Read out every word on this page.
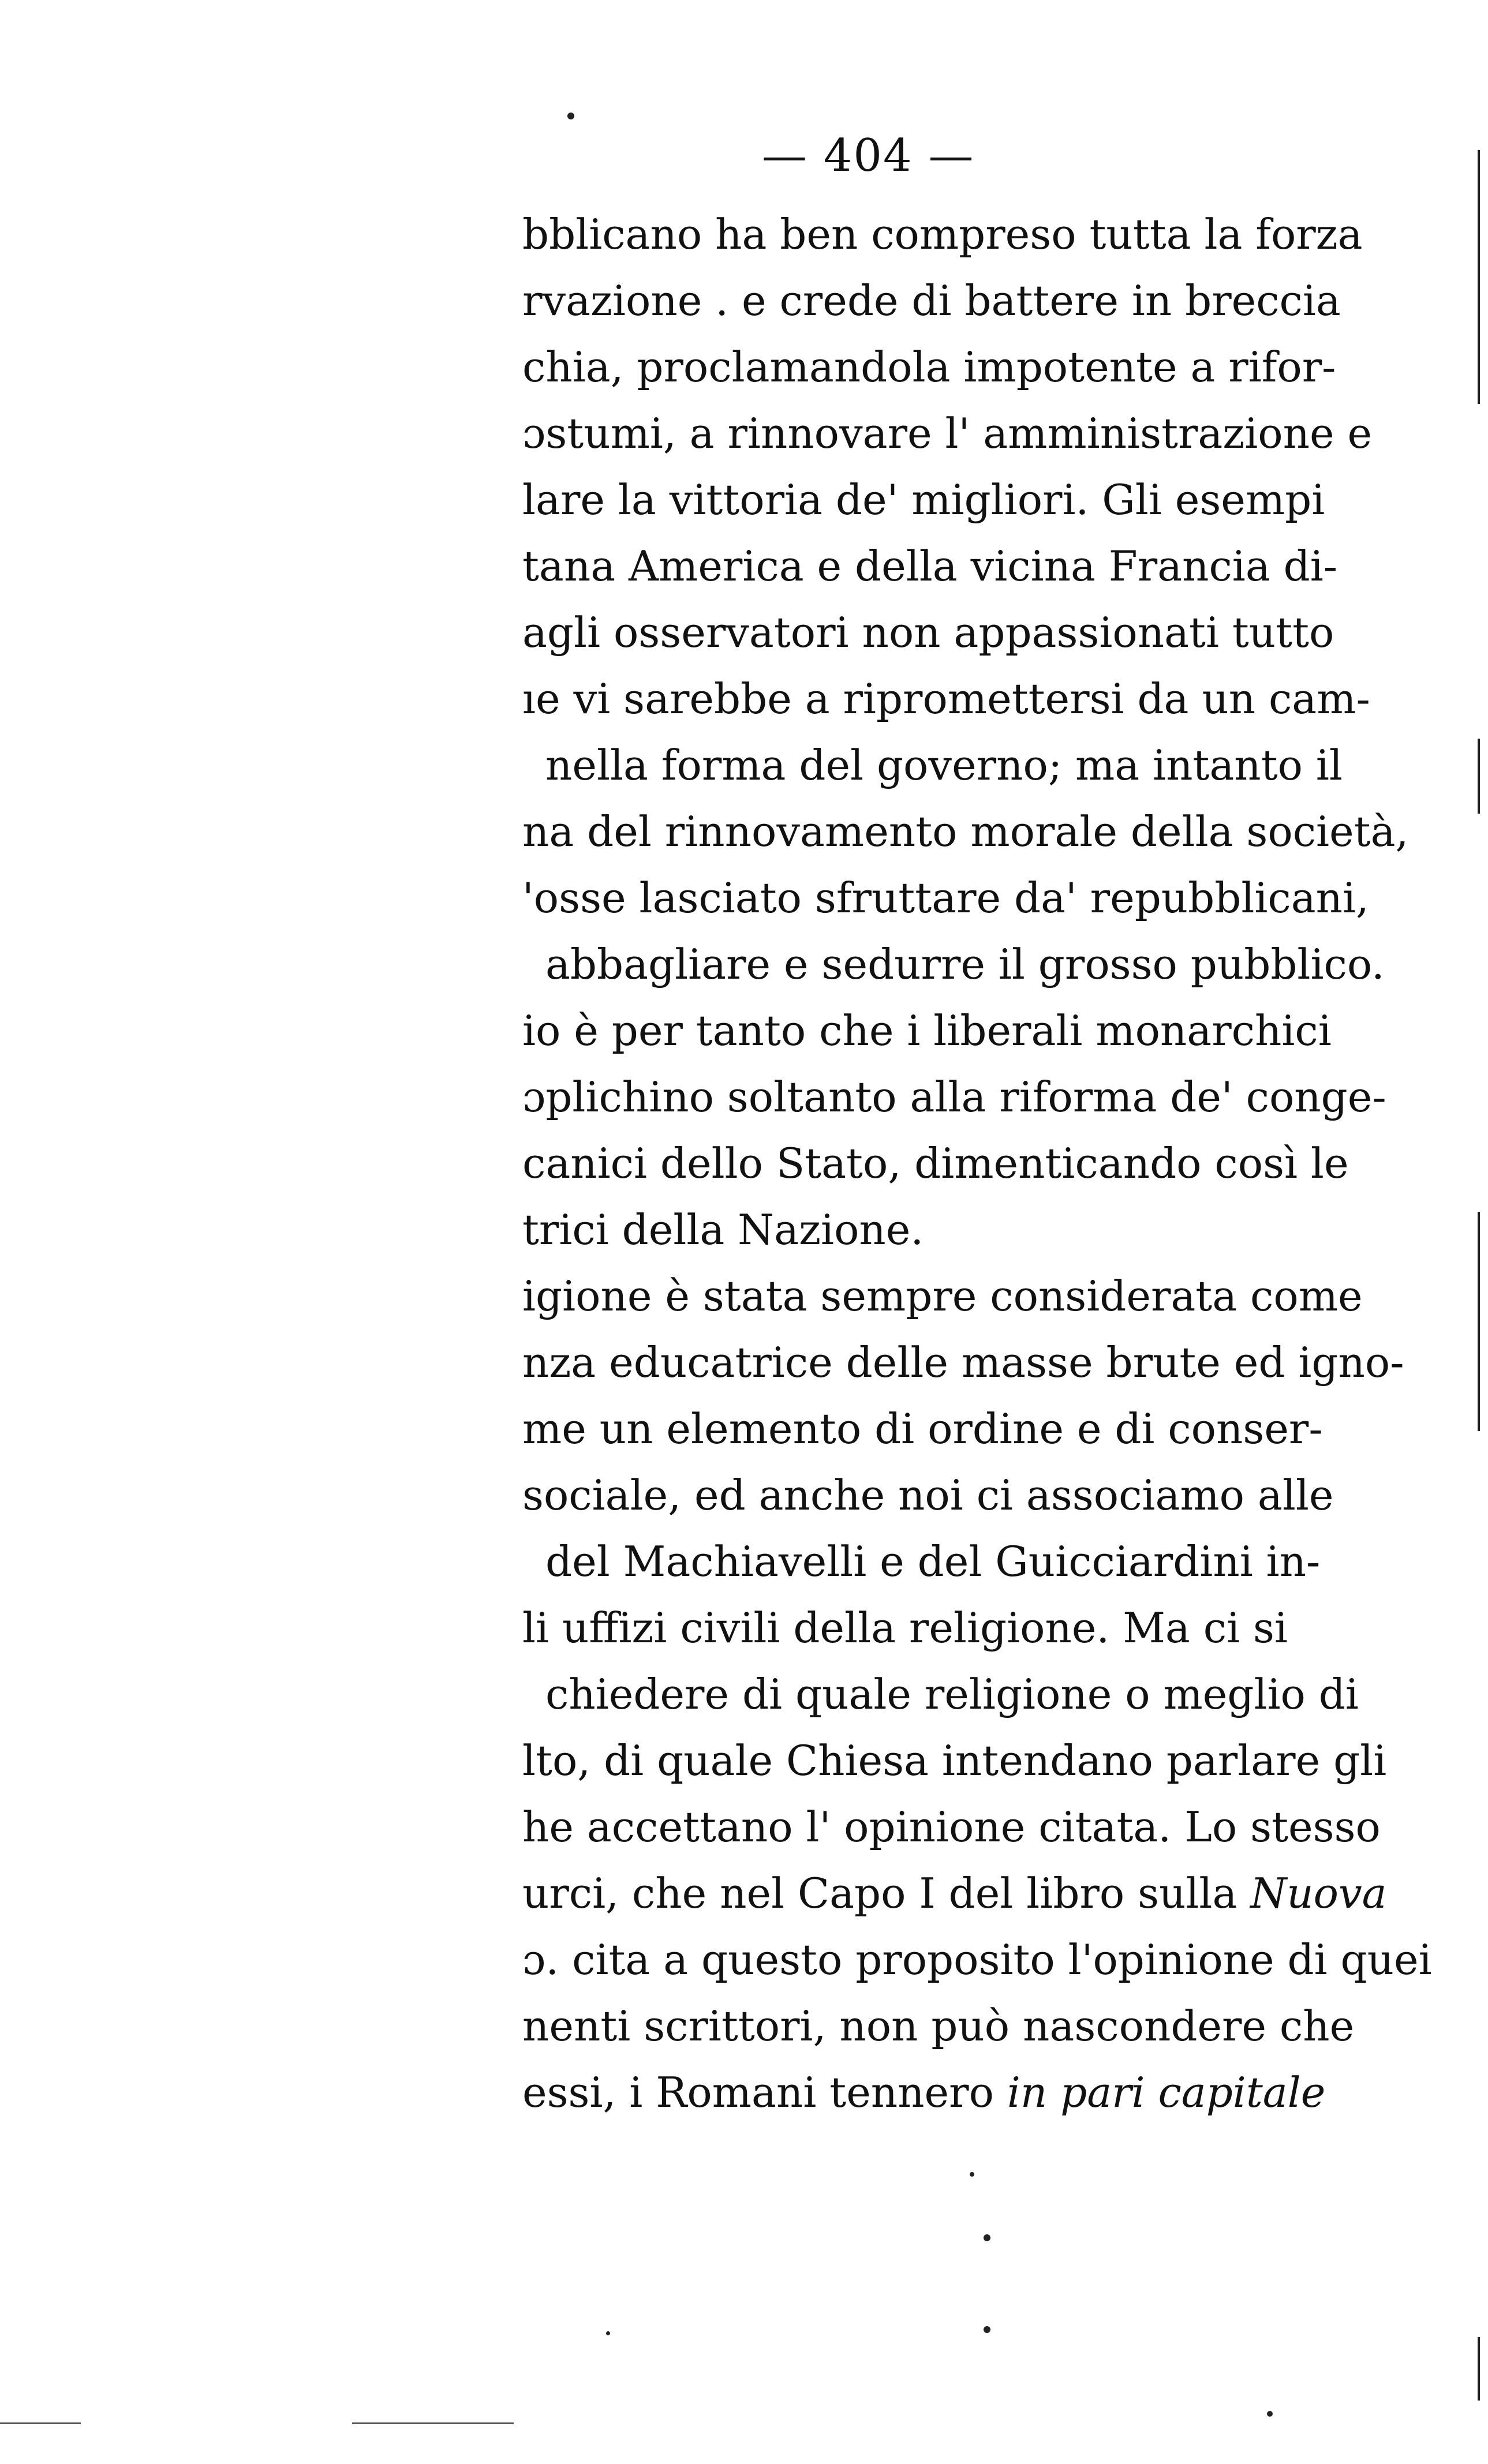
— 404 —
bblicano ha ben compreso tutta la forza
rvazione . e crede di battere in breccia
chia, proclamandola impotente a rifor-
ɔstumi, a rinnovare l' amministrazione e
lare la vittoria de' migliori. Gli esempi
tana America e della vicina Francia di-
agli osservatori non appassionati tutto
ıe vi sarebbe a ripromettersi da un cam-
nella forma del governo; ma intanto il
na del rinnovamento morale della società,
'osse lasciato sfruttare da' repubblicani,
abbagliare e sedurre il grosso pubblico.
io è per tanto che i liberali monarchici
ɔplichino soltanto alla riforma de' conge-
canici dello Stato, dimenticando così le
trici della Nazione.
igione è stata sempre considerata come
nza educatrice delle masse brute ed igno-
me un elemento di ordine e di conser-
sociale, ed anche noi ci associamo alle
del Machiavelli e del Guicciardini in-
li uffizi civili della religione. Ma ci si
chiedere di quale religione o meglio di
lto, di quale Chiesa intendano parlare gli
he accettano l' opinione citata. Lo stesso
urci, che nel Capo I del libro sulla Nuova
ɔ. cita a questo proposito l'opinione di quei
nenti scrittori, non può nascondere che
essi, i Romani tennero in pari capitale
